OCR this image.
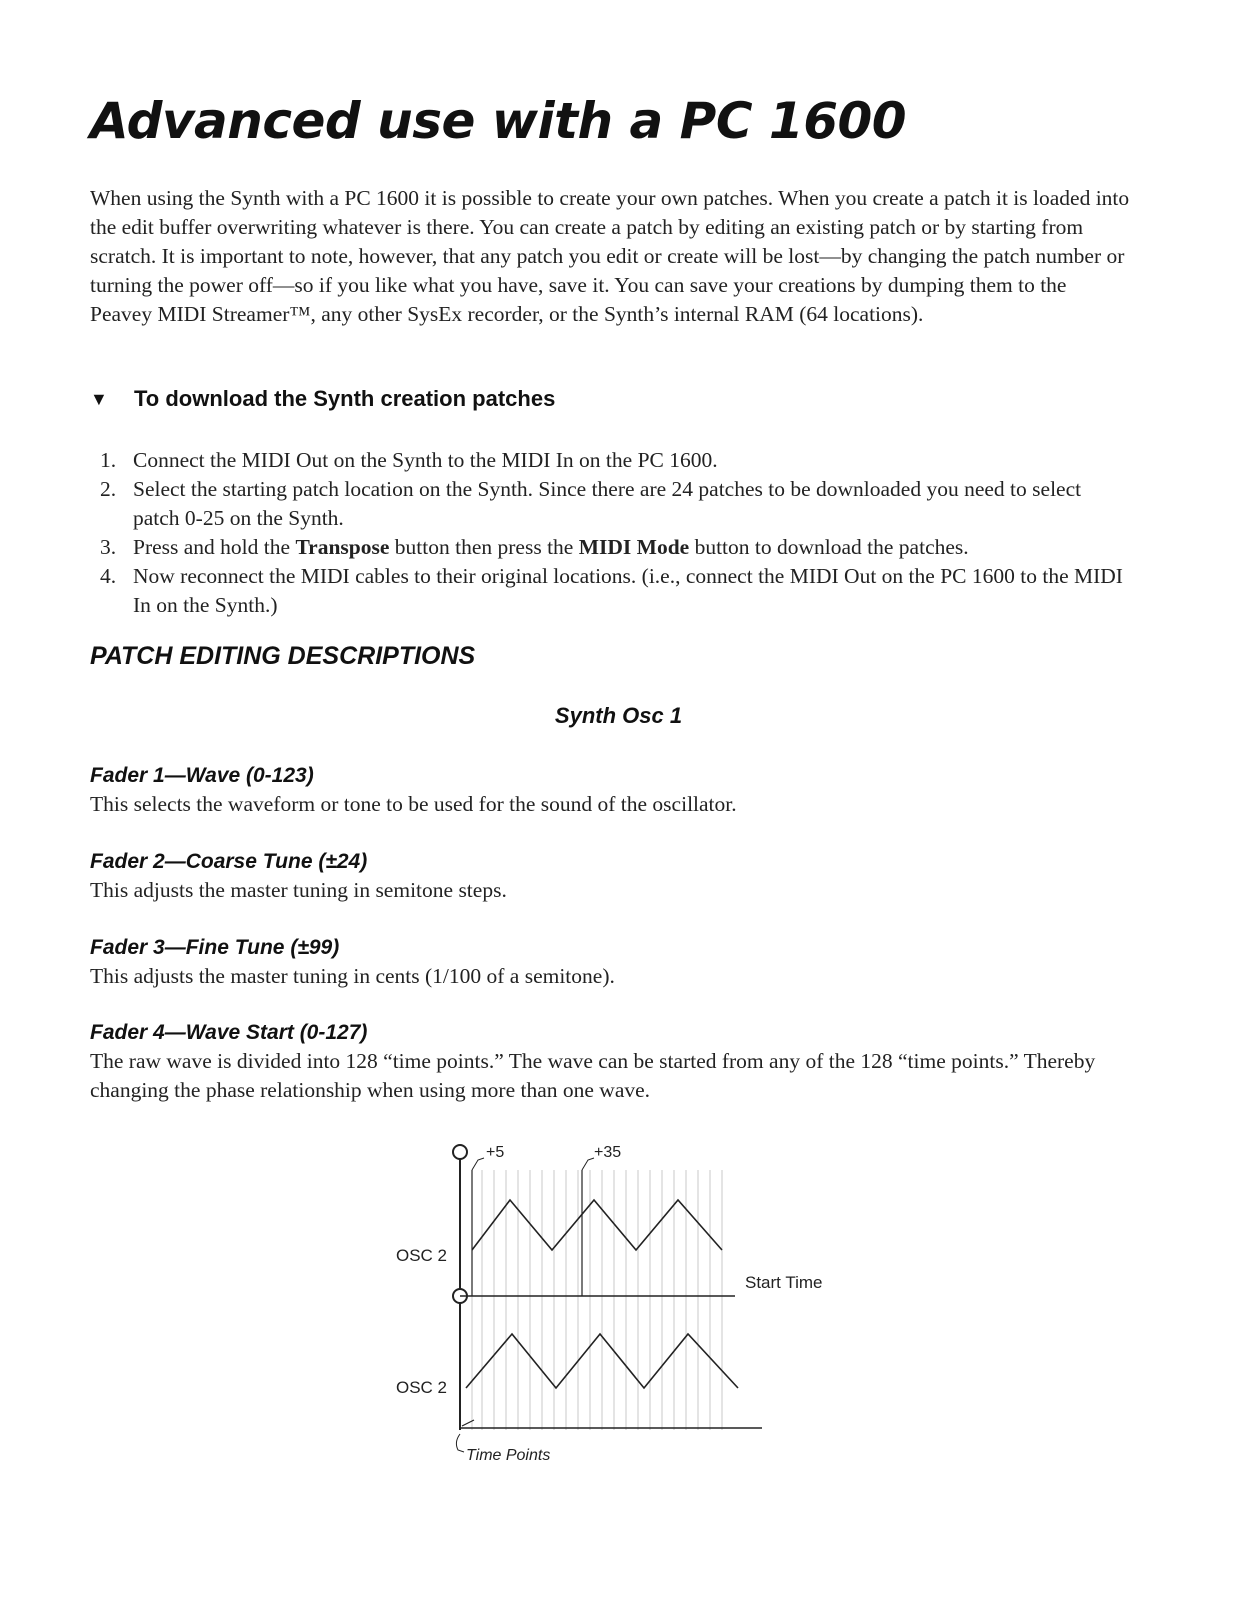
Advanced use with a PC 1600

When using the Synth with a PC 1600 it is possible to create your own patches. When you create a patch it is loaded into the edit buffer overwriting whatever is there. You can create a patch by editing an existing patch or by starting from scratch. It is important to note, however, that any patch you edit or create will be lost—by changing the patch number or turning the power off—so if you like what you have, save it. You can save your creations by dumping them to the Peavey MIDI Streamer™, any other SysEx recorder, or the Synth’s internal RAM (64 locations).

▼ To download the Synth creation patches
1. Connect the MIDI Out on the Synth to the MIDI In on the PC 1600.
2. Select the starting patch location on the Synth. Since there are 24 patches to be downloaded you need to select patch 0-25 on the Synth.
3. Press and hold the Transpose button then press the MIDI Mode button to download the patches.
4. Now reconnect the MIDI cables to their original locations. (i.e., connect the MIDI Out on the PC 1600 to the MIDI In on the Synth.)
PATCH EDITING DESCRIPTIONS
Synth Osc 1
Fader 1—Wave (0-123)

This selects the waveform or tone to be used for the sound of the oscillator.

Fader 2—Coarse Tune (±24)

This adjusts the master tuning in semitone steps.

Fader 3—Fine Tune (±99)

This adjusts the master tuning in cents (1/100 of a semitone).

Fader 4—Wave Start (0-127)

The raw wave is divided into 128 “time points.” The wave can be started from any of the 128 “time points.” Thereby changing the phase relationship when using more than one wave.

+5	+35
OSC 2
Start Time
OSC 2
Time Points
